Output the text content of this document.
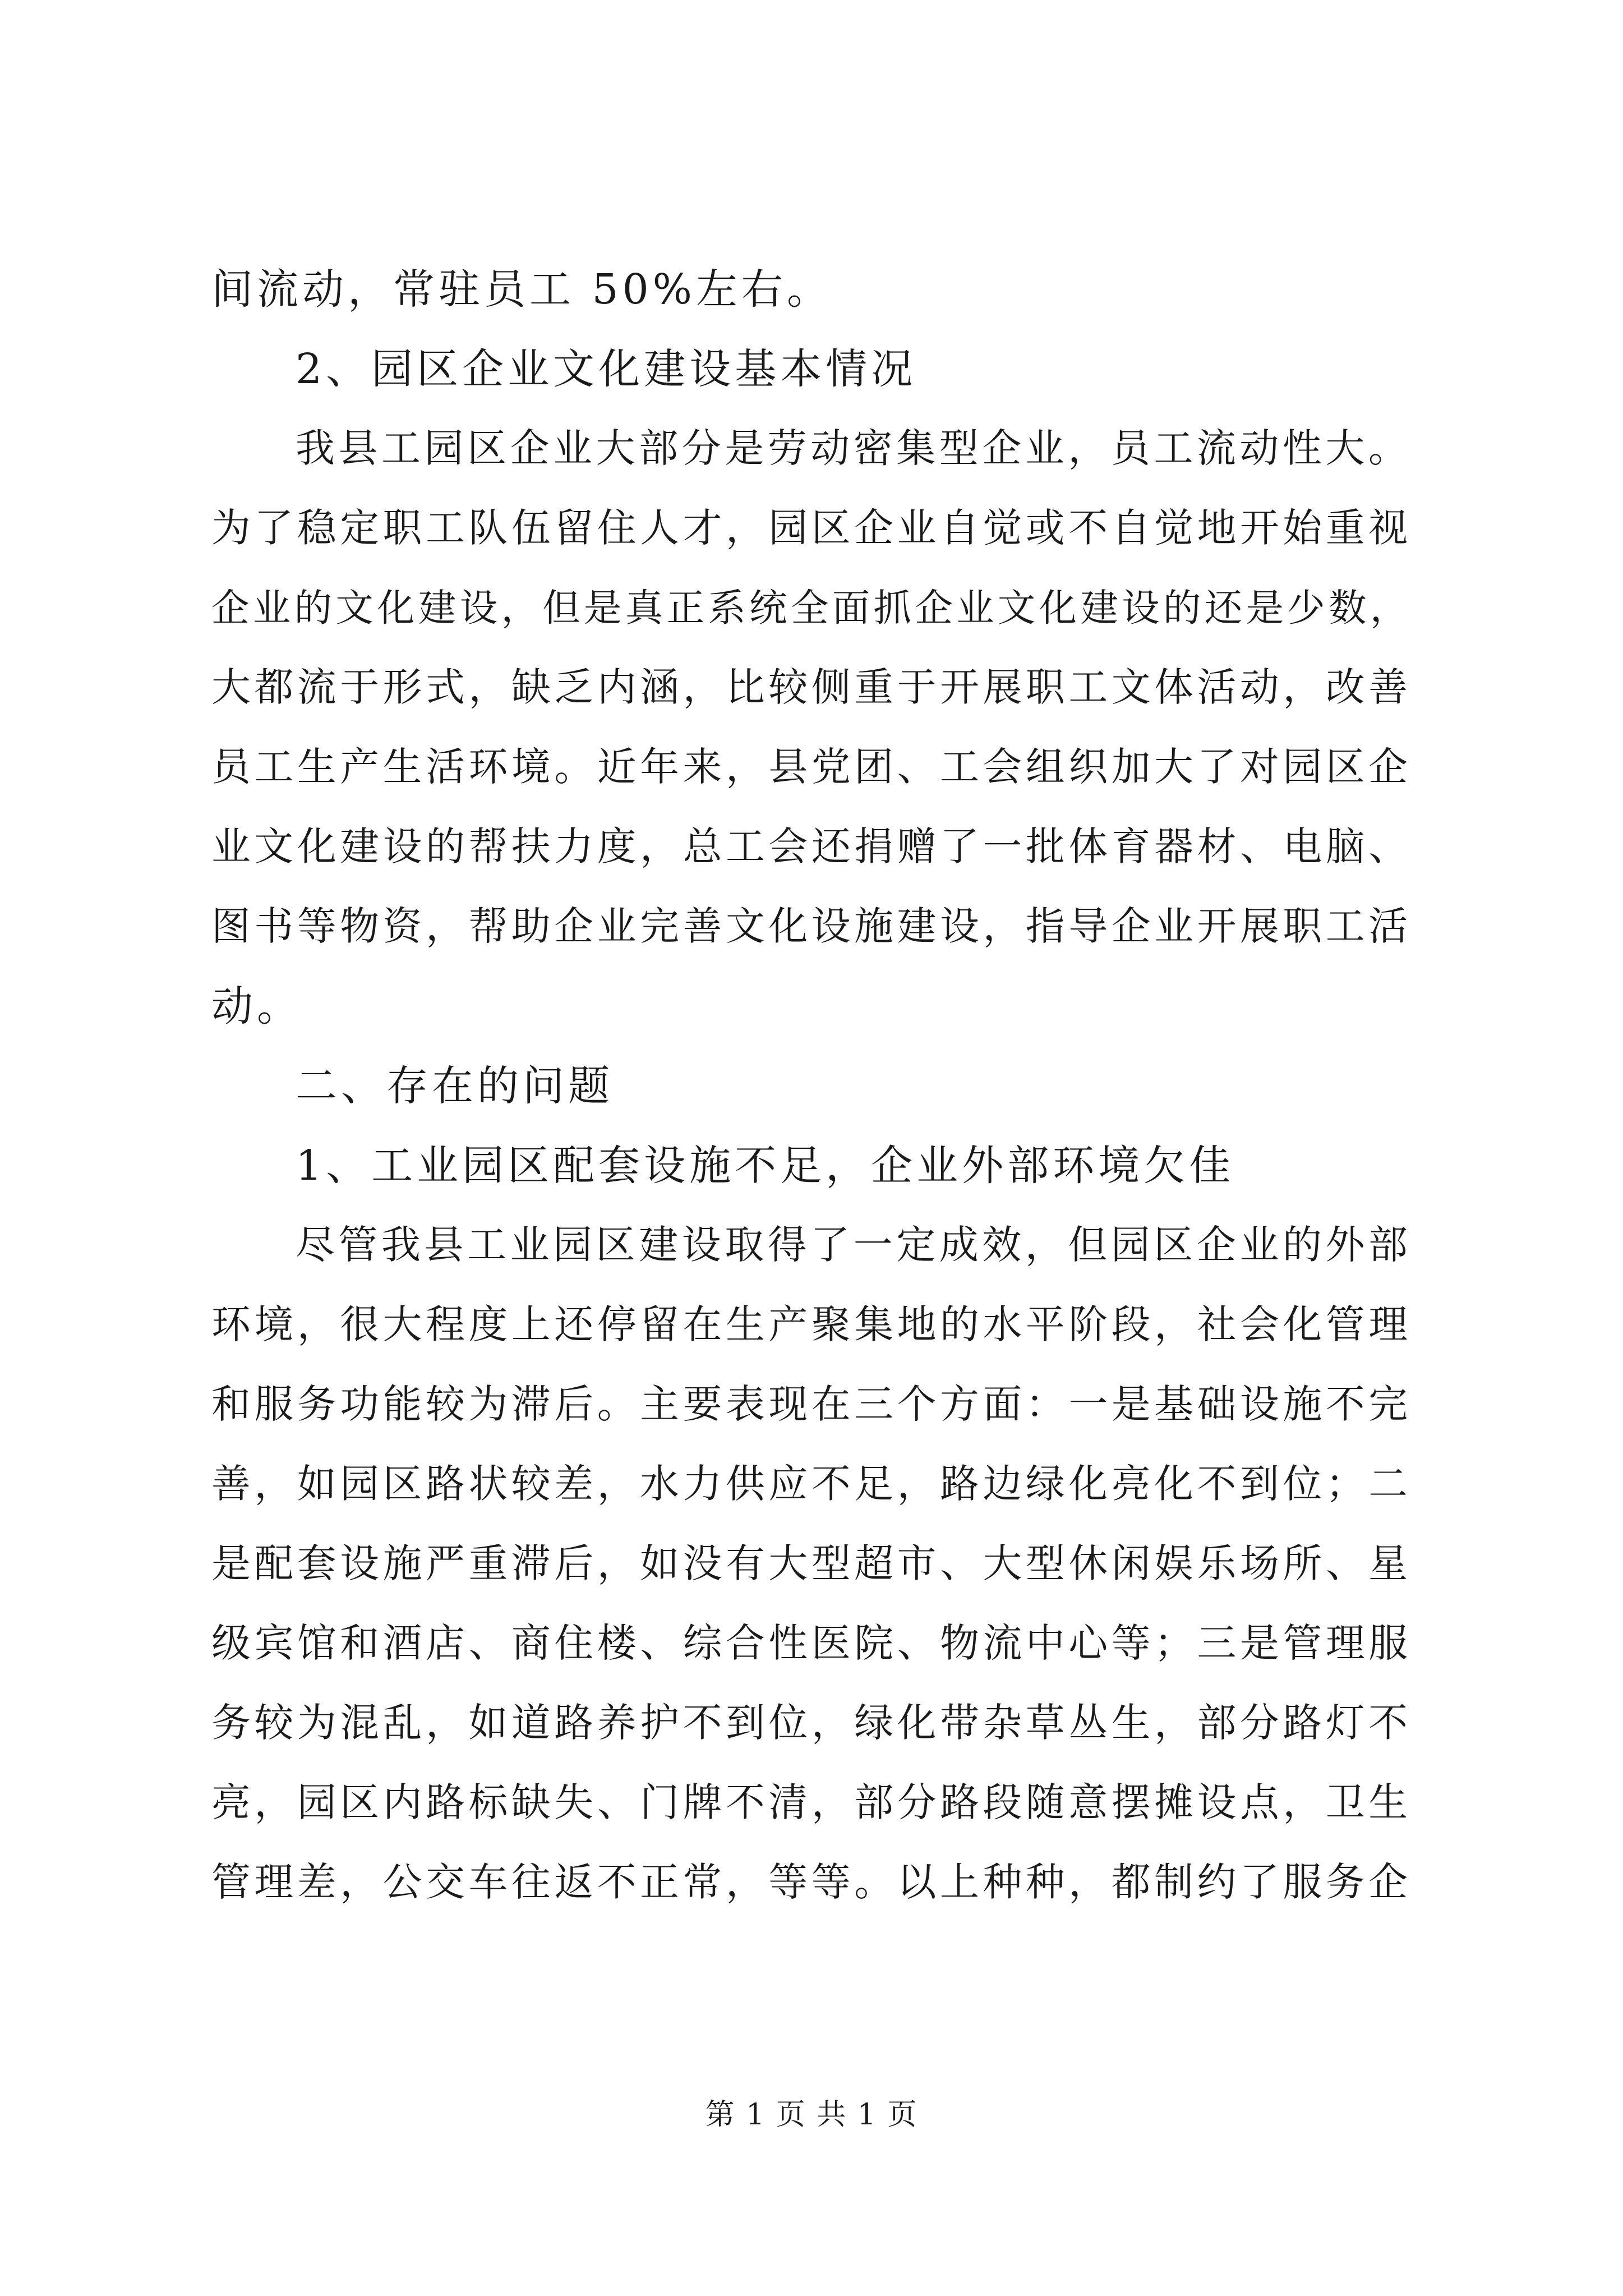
间流动，常驻员工 50%左右。
2、园区企业文化建设基本情况
我县工园区企业大部分是劳动密集型企业，员工流动性大。
为了稳定职工队伍留住人才，园区企业自觉或不自觉地开始重视
企业的文化建设，但是真正系统全面抓企业文化建设的还是少数，
大都流于形式，缺乏内涵，比较侧重于开展职工文体活动，改善
员工生产生活环境。近年来，县党团、工会组织加大了对园区企
业文化建设的帮扶力度，总工会还捐赠了一批体育器材、电脑、
图书等物资，帮助企业完善文化设施建设，指导企业开展职工活
动。
二、存在的问题
1、工业园区配套设施不足，企业外部环境欠佳
尽管我县工业园区建设取得了一定成效，但园区企业的外部
环境，很大程度上还停留在生产聚集地的水平阶段，社会化管理
和服务功能较为滞后。主要表现在三个方面：一是基础设施不完
善，如园区路状较差，水力供应不足，路边绿化亮化不到位；二
是配套设施严重滞后，如没有大型超市、大型休闲娱乐场所、星
级宾馆和酒店、商住楼、综合性医院、物流中心等；三是管理服
务较为混乱，如道路养护不到位，绿化带杂草丛生，部分路灯不
亮，园区内路标缺失、门牌不清，部分路段随意摆摊设点，卫生
管理差，公交车往返不正常，等等。以上种种，都制约了服务企
第 1 页 共 1 页
